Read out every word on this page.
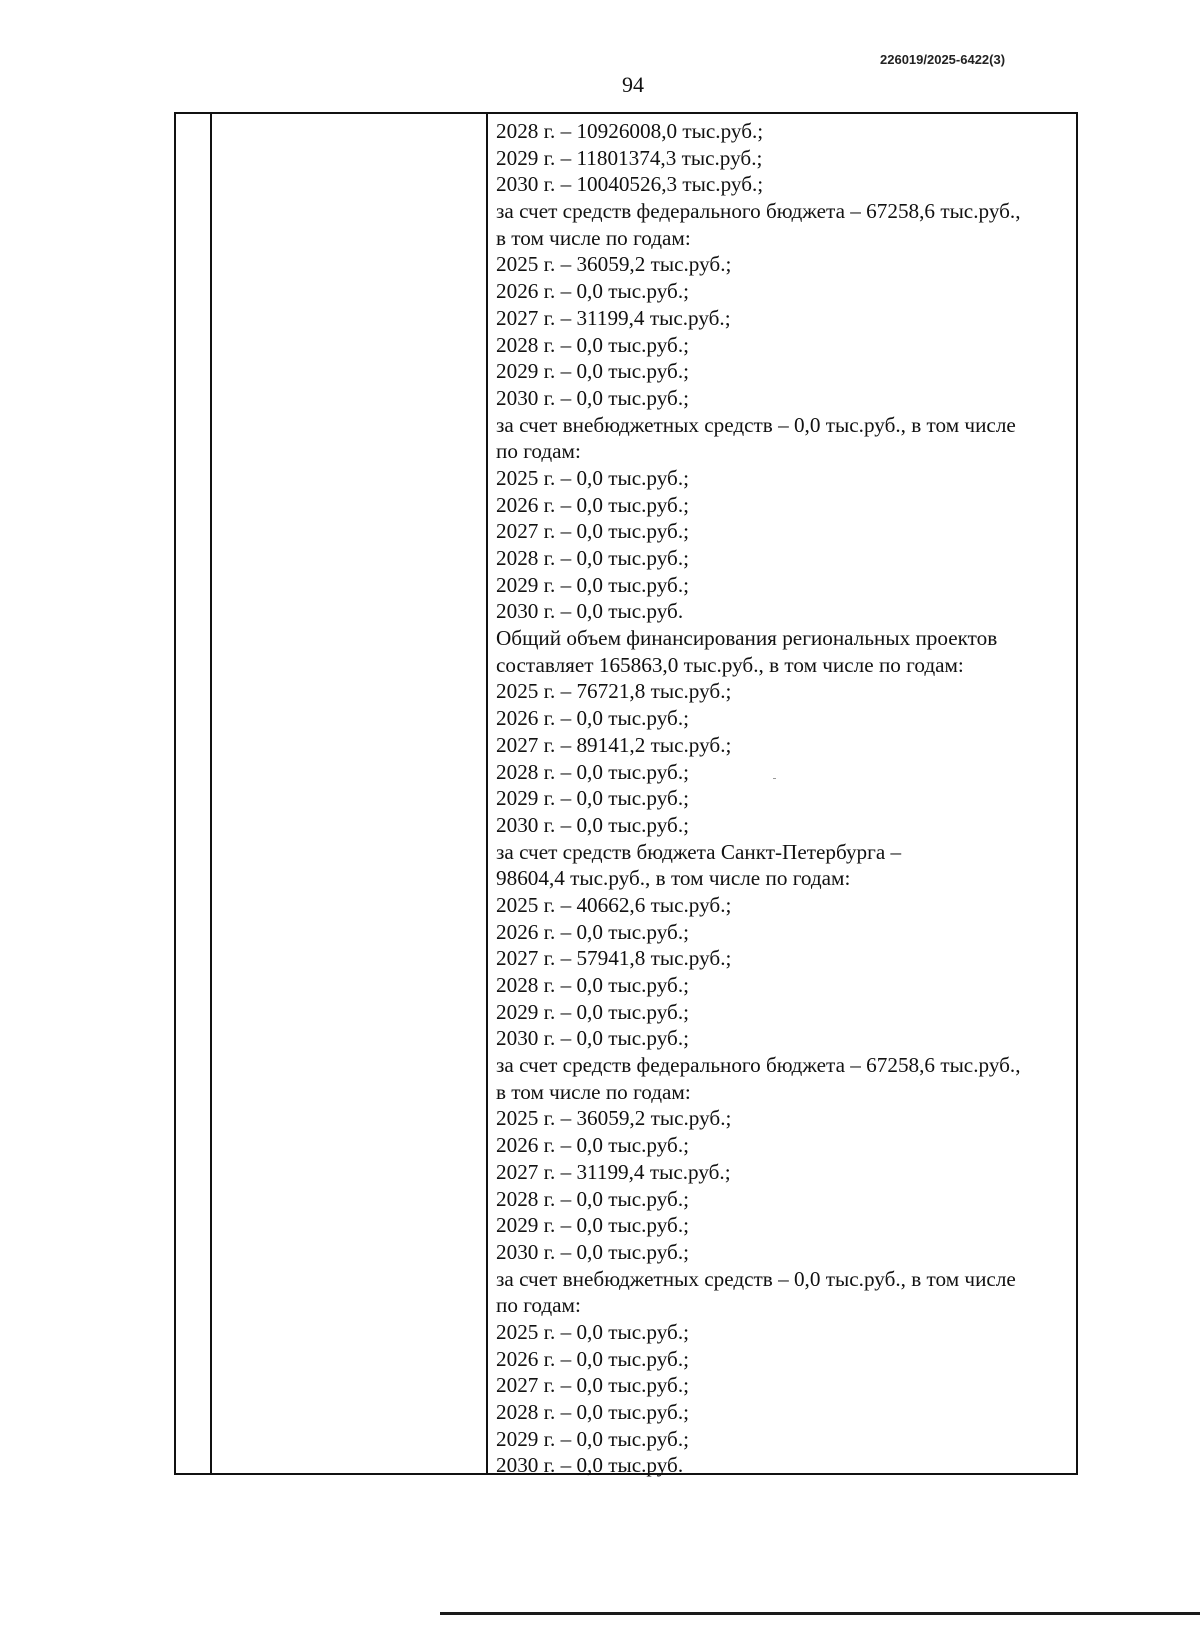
226019/2025-6422(3)
94
2028 г. – 10926008,0 тыс.руб.;
2029 г. – 11801374,3 тыс.руб.;
2030 г. – 10040526,3 тыс.руб.;
за счет средств федерального бюджета – 67258,6 тыс.руб.,
в том числе по годам:
2025 г. – 36059,2 тыс.руб.;
2026 г. – 0,0 тыс.руб.;
2027 г. – 31199,4 тыс.руб.;
2028 г. – 0,0 тыс.руб.;
2029 г. – 0,0 тыс.руб.;
2030 г. – 0,0 тыс.руб.;
за счет внебюджетных средств – 0,0 тыс.руб., в том числе
по годам:
2025 г. – 0,0 тыс.руб.;
2026 г. – 0,0 тыс.руб.;
2027 г. – 0,0 тыс.руб.;
2028 г. – 0,0 тыс.руб.;
2029 г. – 0,0 тыс.руб.;
2030 г. – 0,0 тыс.руб.
Общий объем финансирования региональных проектов
составляет 165863,0 тыс.руб., в том числе по годам:
2025 г. – 76721,8 тыс.руб.;
2026 г. – 0,0 тыс.руб.;
2027 г. – 89141,2 тыс.руб.;
2028 г. – 0,0 тыс.руб.;
2029 г. – 0,0 тыс.руб.;
2030 г. – 0,0 тыс.руб.;
за счет средств бюджета Санкт-Петербурга –
98604,4 тыс.руб., в том числе по годам:
2025 г. – 40662,6 тыс.руб.;
2026 г. – 0,0 тыс.руб.;
2027 г. – 57941,8 тыс.руб.;
2028 г. – 0,0 тыс.руб.;
2029 г. – 0,0 тыс.руб.;
2030 г. – 0,0 тыс.руб.;
за счет средств федерального бюджета – 67258,6 тыс.руб.,
в том числе по годам:
2025 г. – 36059,2 тыс.руб.;
2026 г. – 0,0 тыс.руб.;
2027 г. – 31199,4 тыс.руб.;
2028 г. – 0,0 тыс.руб.;
2029 г. – 0,0 тыс.руб.;
2030 г. – 0,0 тыс.руб.;
за счет внебюджетных средств – 0,0 тыс.руб., в том числе
по годам:
2025 г. – 0,0 тыс.руб.;
2026 г. – 0,0 тыс.руб.;
2027 г. – 0,0 тыс.руб.;
2028 г. – 0,0 тыс.руб.;
2029 г. – 0,0 тыс.руб.;
2030 г. – 0,0 тыс.руб.
